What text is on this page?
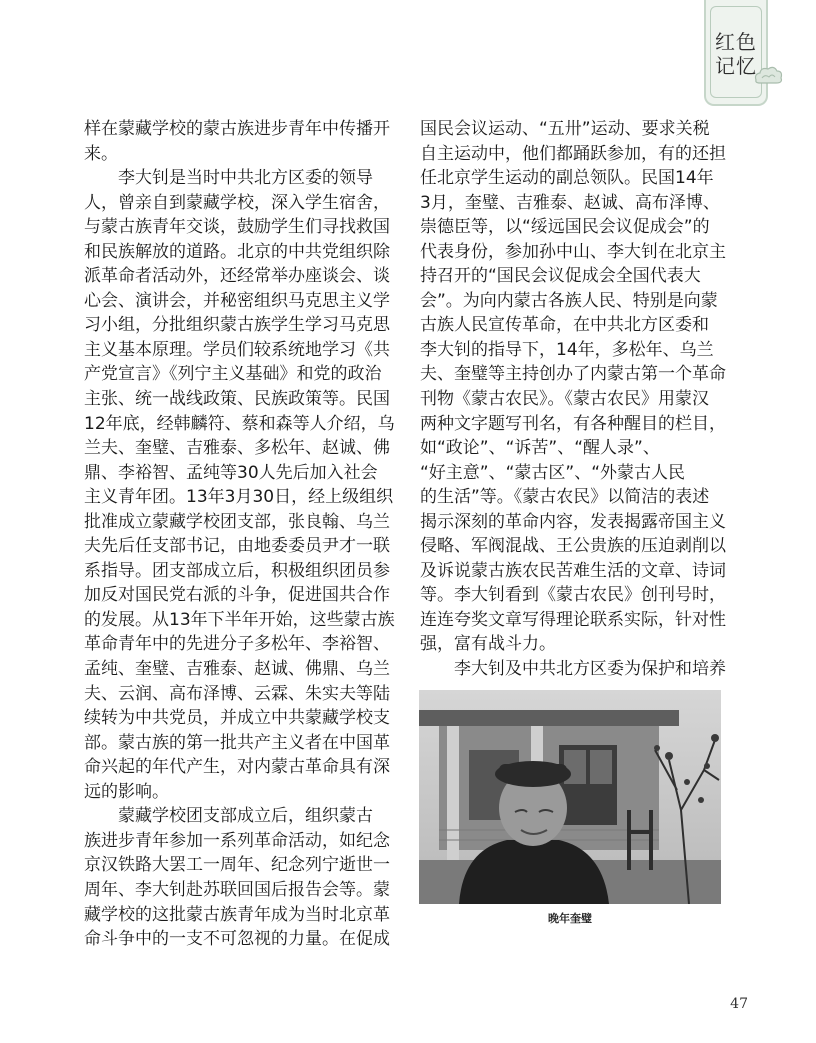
红色
记忆
样在蒙藏学校的蒙古族进步青年中传播开
来。
李大钊是当时中共北方区委的领导
人，曾亲自到蒙藏学校，深入学生宿舍，
与蒙古族青年交谈，鼓励学生们寻找救国
和民族解放的道路。北京的中共党组织除
派革命者活动外，还经常举办座谈会、谈
心会、演讲会，并秘密组织马克思主义学
习小组，分批组织蒙古族学生学习马克思
主义基本原理。学员们较系统地学习《共
产党宣言》《列宁主义基础》和党的政治
主张、统一战线政策、民族政策等。民国
12年底，经韩麟符、蔡和森等人介绍，乌
兰夫、奎璧、吉雅泰、多松年、赵诚、佛
鼎、李裕智、孟纯等30人先后加入社会
主义青年团。13年3月30日，经上级组织
批准成立蒙藏学校团支部，张良翰、乌兰
夫先后任支部书记，由地委委员尹才一联
系指导。团支部成立后，积极组织团员参
加反对国民党右派的斗争，促进国共合作
的发展。从13年下半年开始，这些蒙古族
革命青年中的先进分子多松年、李裕智、
孟纯、奎璧、吉雅泰、赵诚、佛鼎、乌兰
夫、云润、高布泽博、云霖、朱实夫等陆
续转为中共党员，并成立中共蒙藏学校支
部。蒙古族的第一批共产主义者在中国革
命兴起的年代产生，对内蒙古革命具有深
远的影响。
蒙藏学校团支部成立后，组织蒙古
族进步青年参加一系列革命活动，如纪念
京汉铁路大罢工一周年、纪念列宁逝世一
周年、李大钊赴苏联回国后报告会等。蒙
藏学校的这批蒙古族青年成为当时北京革
命斗争中的一支不可忽视的力量。在促成
国民会议运动、“五卅”运动、要求关税
自主运动中，他们都踊跃参加，有的还担
任北京学生运动的副总领队。民国14年
3月，奎璧、吉雅泰、赵诚、高布泽博、
崇德臣等，以“绥远国民会议促成会”的
代表身份，参加孙中山、李大钊在北京主
持召开的“国民会议促成会全国代表大
会”。为向内蒙古各族人民、特别是向蒙
古族人民宣传革命，在中共北方区委和
李大钊的指导下，14年，多松年、乌兰
夫、奎璧等主持创办了内蒙古第一个革命
刊物《蒙古农民》。《蒙古农民》用蒙汉
两种文字题写刊名，有各种醒目的栏目，
如“政论”、“诉苦”、“醒人录”、
“好主意”、“蒙古区”、“外蒙古人民
的生活”等。《蒙古农民》以简洁的表述
揭示深刻的革命内容，发表揭露帝国主义
侵略、军阀混战、王公贵族的压迫剥削以
及诉说蒙古族农民苦难生活的文章、诗词
等。李大钊看到《蒙古农民》创刊号时，
连连夸奖文章写得理论联系实际，针对性
强，富有战斗力。
李大钊及中共北方区委为保护和培养
晚年奎璧
47
